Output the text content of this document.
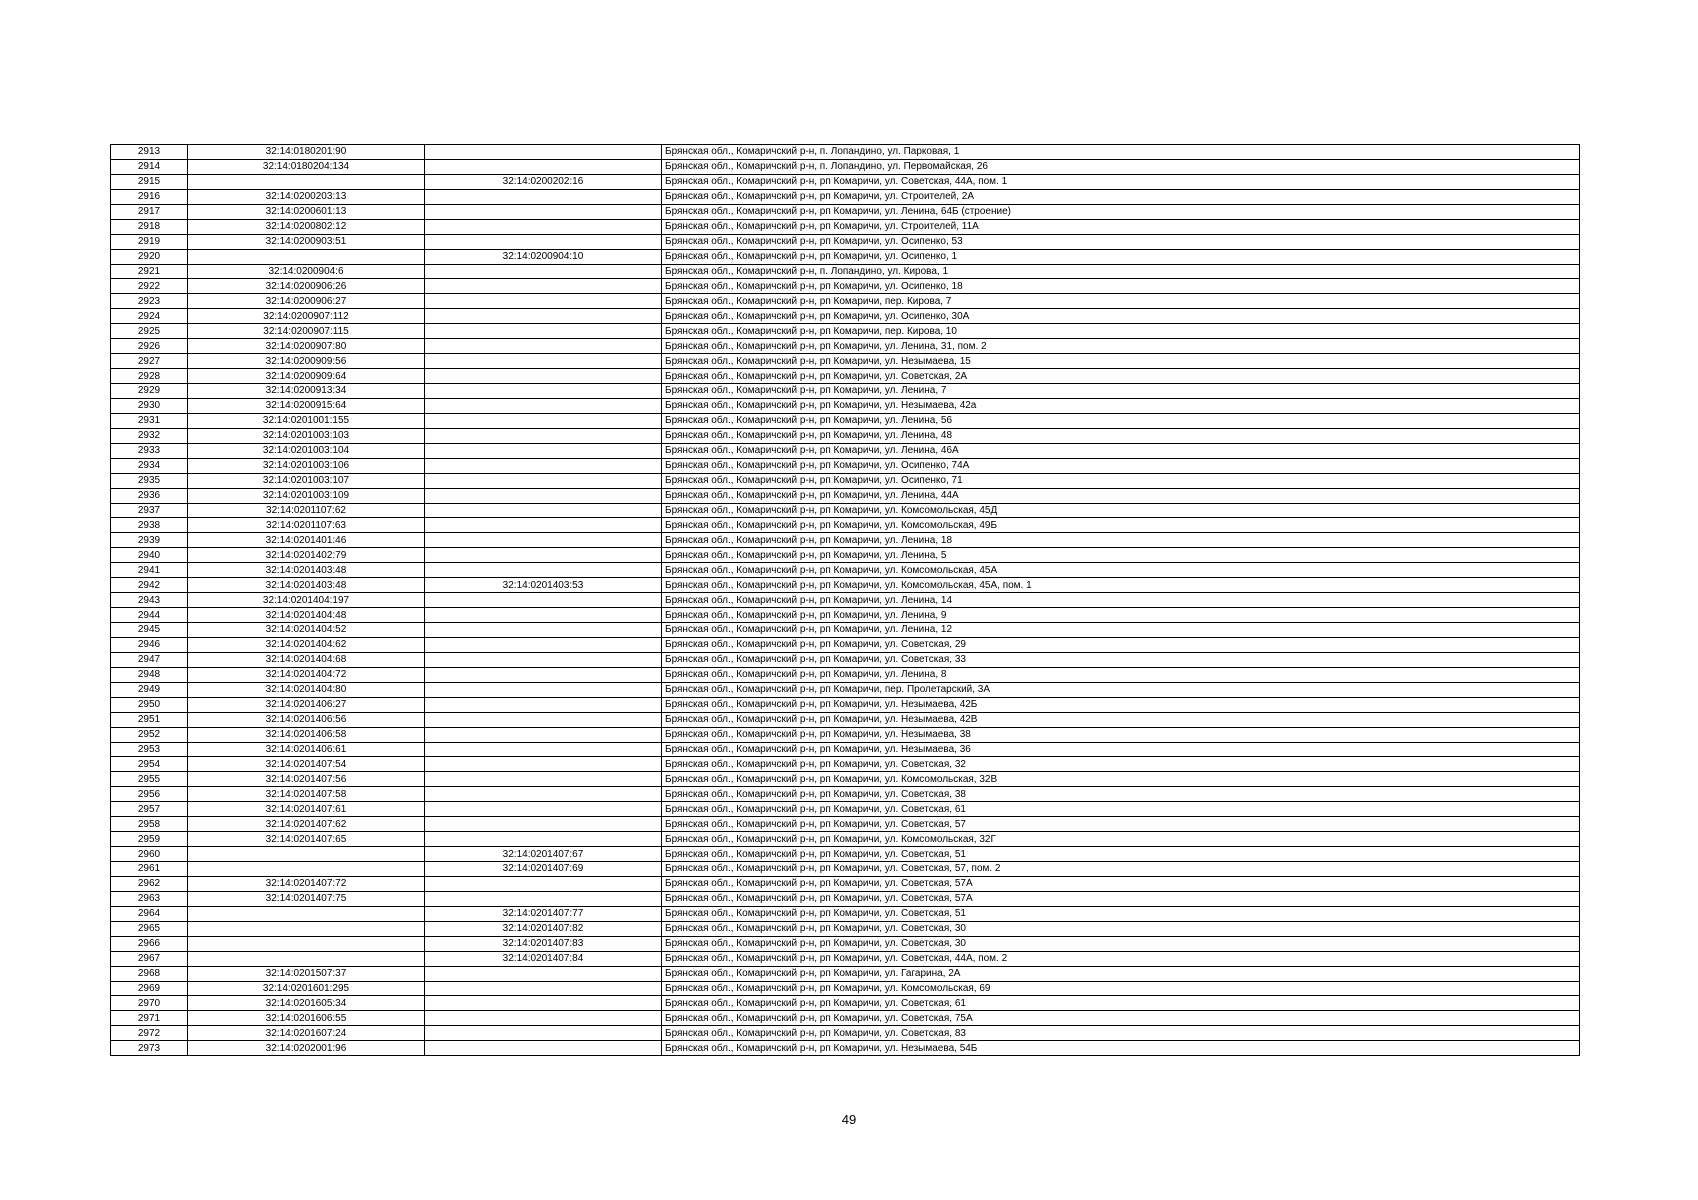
2913	32:14:0180201:90		Брянская обл., Комаричский р-н, п. Лопандино, ул. Парковая, 1
2914	32:14:0180204:134		Брянская обл., Комаричский р-н, п. Лопандино, ул. Первомайская, 26
2915		32:14:0200202:16	Брянская обл., Комаричский р-н, рп Комаричи, ул. Советская, 44А, пом. 1
2916	32:14:0200203:13		Брянская обл., Комаричский р-н, рп Комаричи, ул. Строителей, 2А
2917	32:14:0200601:13		Брянская обл., Комаричский р-н, рп Комаричи, ул. Ленина, 64Б (строение)
2918	32:14:0200802:12		Брянская обл., Комаричский р-н, рп Комаричи, ул. Строителей, 11А
2919	32:14:0200903:51		Брянская обл., Комаричский р-н, рп Комаричи, ул. Осипенко, 53
2920		32:14:0200904:10	Брянская обл., Комаричский р-н, рп Комаричи, ул. Осипенко, 1
2921	32:14:0200904:6		Брянская обл., Комаричский р-н, п. Лопандино, ул. Кирова, 1
2922	32:14:0200906:26		Брянская обл., Комаричский р-н, рп Комаричи, ул. Осипенко, 18
2923	32:14:0200906:27		Брянская обл., Комаричский р-н, рп Комаричи, пер. Кирова, 7
2924	32:14:0200907:112		Брянская обл., Комаричский р-н, рп Комаричи, ул. Осипенко, 30А
2925	32:14:0200907:115		Брянская обл., Комаричский р-н, рп Комаричи, пер. Кирова, 10
2926	32:14:0200907:80		Брянская обл., Комаричский р-н, рп Комаричи, ул. Ленина, 31, пом. 2
2927	32:14:0200909:56		Брянская обл., Комаричский р-н, рп Комаричи, ул. Незымаева, 15
2928	32:14:0200909:64		Брянская обл., Комаричский р-н, рп Комаричи, ул. Советская, 2А
2929	32:14:0200913:34		Брянская обл., Комаричский р-н, рп Комаричи, ул. Ленина, 7
2930	32:14:0200915:64		Брянская обл., Комаричский р-н, рп Комаричи, ул. Незымаева, 42а
2931	32:14:0201001:155		Брянская обл., Комаричский р-н, рп Комаричи, ул. Ленина, 56
2932	32:14:0201003:103		Брянская обл., Комаричский р-н, рп Комаричи, ул. Ленина, 48
2933	32:14:0201003:104		Брянская обл., Комаричский р-н, рп Комаричи, ул. Ленина, 46А
2934	32:14:0201003:106		Брянская обл., Комаричский р-н, рп Комаричи, ул. Осипенко, 74А
2935	32:14:0201003:107		Брянская обл., Комаричский р-н, рп Комаричи, ул. Осипенко, 71
2936	32:14:0201003:109		Брянская обл., Комаричский р-н, рп Комаричи, ул. Ленина, 44А
2937	32:14:0201107:62		Брянская обл., Комаричский р-н, рп Комаричи, ул. Комсомольская, 45Д
2938	32:14:0201107:63		Брянская обл., Комаричский р-н, рп Комаричи, ул. Комсомольская, 49Б
2939	32:14:0201401:46		Брянская обл., Комаричский р-н, рп Комаричи, ул. Ленина, 18
2940	32:14:0201402:79		Брянская обл., Комаричский р-н, рп Комаричи, ул. Ленина, 5
2941	32:14:0201403:48		Брянская обл., Комаричский р-н, рп Комаричи, ул. Комсомольская, 45А
2942	32:14:0201403:48	32:14:0201403:53	Брянская обл., Комаричский р-н, рп Комаричи, ул. Комсомольская, 45А, пом. 1
2943	32:14:0201404:197		Брянская обл., Комаричский р-н, рп Комаричи, ул. Ленина, 14
2944	32:14:0201404:48		Брянская обл., Комаричский р-н, рп Комаричи, ул. Ленина, 9
2945	32:14:0201404:52		Брянская обл., Комаричский р-н, рп Комаричи, ул. Ленина, 12
2946	32:14:0201404:62		Брянская обл., Комаричский р-н, рп Комаричи, ул. Советская, 29
2947	32:14:0201404:68		Брянская обл., Комаричский р-н, рп Комаричи, ул. Советская, 33
2948	32:14:0201404:72		Брянская обл., Комаричский р-н, рп Комаричи, ул. Ленина, 8
2949	32:14:0201404:80		Брянская обл., Комаричский р-н, рп Комаричи, пер. Пролетарский, 3А
2950	32:14:0201406:27		Брянская обл., Комаричский р-н, рп Комаричи, ул. Незымаева, 42Б
2951	32:14:0201406:56		Брянская обл., Комаричский р-н, рп Комаричи, ул. Незымаева, 42В
2952	32:14:0201406:58		Брянская обл., Комаричский р-н, рп Комаричи, ул. Незымаева, 38
2953	32:14:0201406:61		Брянская обл., Комаричский р-н, рп Комаричи, ул. Незымаева, 36
2954	32:14:0201407:54		Брянская обл., Комаричский р-н, рп Комаричи, ул. Советская, 32
2955	32:14:0201407:56		Брянская обл., Комаричский р-н, рп Комаричи, ул. Комсомольская, 32В
2956	32:14:0201407:58		Брянская обл., Комаричский р-н, рп Комаричи, ул. Советская, 38
2957	32:14:0201407:61		Брянская обл., Комаричский р-н, рп Комаричи, ул. Советская, 61
2958	32:14:0201407:62		Брянская обл., Комаричский р-н, рп Комаричи, ул. Советская, 57
2959	32:14:0201407:65		Брянская обл., Комаричский р-н, рп Комаричи, ул. Комсомольская, 32Г
2960		32:14:0201407:67	Брянская обл., Комаричский р-н, рп Комаричи, ул. Советская, 51
2961		32:14:0201407:69	Брянская обл., Комаричский р-н, рп Комаричи, ул. Советская, 57, пом. 2
2962	32:14:0201407:72		Брянская обл., Комаричский р-н, рп Комаричи, ул. Советская, 57А
2963	32:14:0201407:75		Брянская обл., Комаричский р-н, рп Комаричи, ул. Советская, 57А
2964		32:14:0201407:77	Брянская обл., Комаричский р-н, рп Комаричи, ул. Советская, 51
2965		32:14:0201407:82	Брянская обл., Комаричский р-н, рп Комаричи, ул. Советская, 30
2966		32:14:0201407:83	Брянская обл., Комаричский р-н, рп Комаричи, ул. Советская, 30
2967		32:14:0201407:84	Брянская обл., Комаричский р-н, рп Комаричи, ул. Советская, 44А, пом. 2
2968	32:14:0201507:37		Брянская обл., Комаричский р-н, рп Комаричи, ул. Гагарина, 2А
2969	32:14:0201601:295		Брянская обл., Комаричский р-н, рп Комаричи, ул. Комсомольская, 69
2970	32:14:0201605:34		Брянская обл., Комаричский р-н, рп Комаричи, ул. Советская, 61
2971	32:14:0201606:55		Брянская обл., Комаричский р-н, рп Комаричи, ул. Советская, 75А
2972	32:14:0201607:24		Брянская обл., Комаричский р-н, рп Комаричи, ул. Советская, 83
2973	32:14:0202001:96		Брянская обл., Комаричский р-н, рп Комаричи, ул. Незымаева, 54Б
49
